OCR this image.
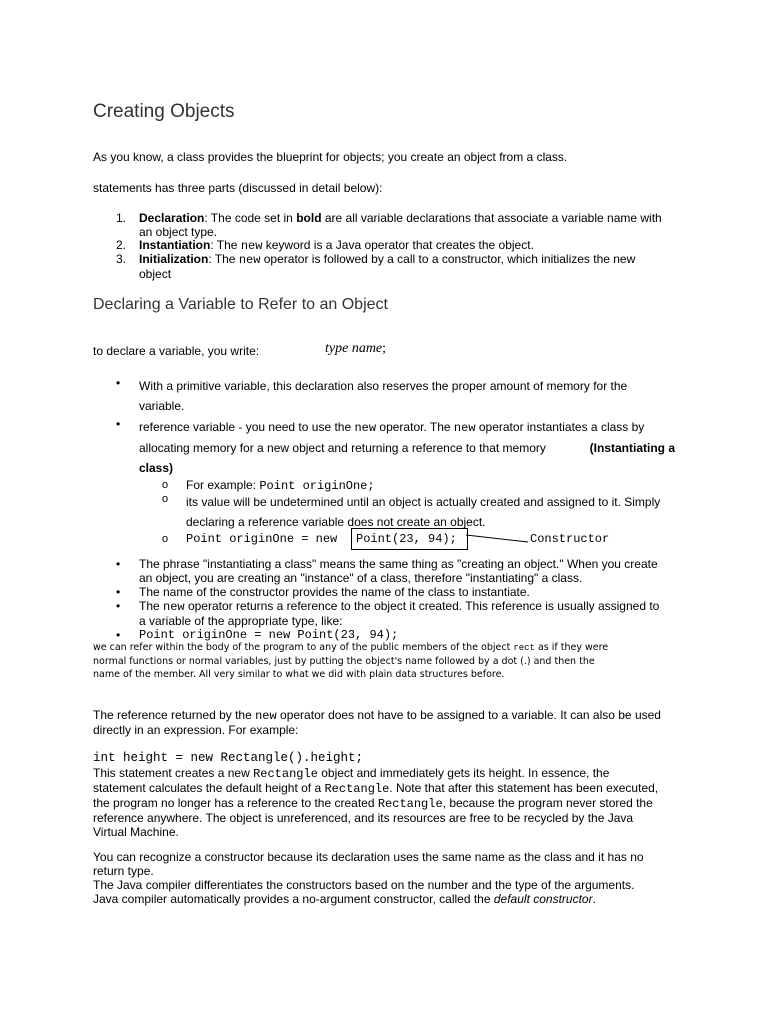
Creating Objects
As you know, a class provides the blueprint for objects; you create an object from a class.
statements has three parts (discussed in detail below):
1. Declaration: The code set in bold are all variable declarations that associate a variable name with
an object type.
2. Instantiation: The new keyword is a Java operator that creates the object.
3. Initialization: The new operator is followed by a call to a constructor, which initializes the new
object
Declaring a Variable to Refer to an Object
to declare a variable, you write:	type name;
• With a primitive variable, this declaration also reserves the proper amount of memory for the
variable.
• reference variable - you need to use the new operator. The new operator instantiates a class by
allocating memory for a new object and returning a reference to that memory	(Instantiating a
class)
o For example: Point originOne;
o its value will be undetermined until an object is actually created and assigned to it. Simply
declaring a reference variable does not create an object.
o Point originOne = new Point(23, 94);	Constructor
• The phrase "instantiating a class" means the same thing as "creating an object." When you create
an object, you are creating an "instance" of a class, therefore "instantiating" a class.
• The name of the constructor provides the name of the class to instantiate.
• The new operator returns a reference to the object it created. This reference is usually assigned to
a variable of the appropriate type, like:
• Point originOne = new Point(23, 94);
we can refer within the body of the program to any of the public members of the object rect as if they were
normal functions or normal variables, just by putting the object's name followed by a dot (.) and then the
name of the member. All very similar to what we did with plain data structures before.
The reference returned by the new operator does not have to be assigned to a variable. It can also be used
directly in an expression. For example:
int height = new Rectangle().height;
This statement creates a new Rectangle object and immediately gets its height. In essence, the
statement calculates the default height of a Rectangle. Note that after this statement has been executed,
the program no longer has a reference to the created Rectangle, because the program never stored the
reference anywhere. The object is unreferenced, and its resources are free to be recycled by the Java
Virtual Machine.
You can recognize a constructor because its declaration uses the same name as the class and it has no
return type.
The Java compiler differentiates the constructors based on the number and the type of the arguments.
Java compiler automatically provides a no-argument constructor, called the default constructor.
